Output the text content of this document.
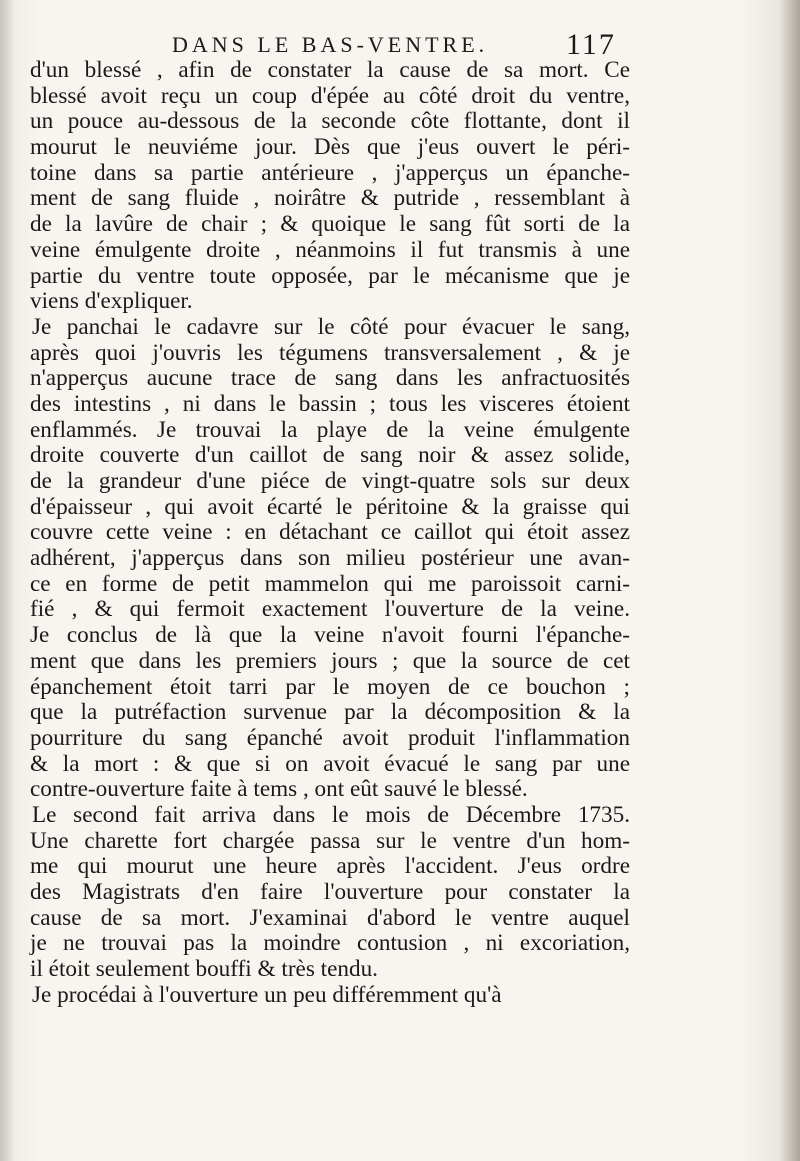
DANS LE BAS-VENTRE.	117
d'un blessé , afin de constater la cause de sa mort. Ce
blessé avoit reçu un coup d'épée au côté droit du ventre,
un pouce au-dessous de la seconde côte flottante, dont il
mourut le neuviéme jour. Dès que j'eus ouvert le péri-
toine dans sa partie antérieure , j'apperçus un épanche-
ment de sang fluide , noirâtre & putride , ressemblant à
de la lavûre de chair ; & quoique le sang fût sorti de la
veine émulgente droite , néanmoins il fut transmis à une
partie du ventre toute opposée, par le mécanisme que je
viens d'expliquer.
Je panchai le cadavre sur le côté pour évacuer le sang,
après quoi j'ouvris les tégumens transversalement , & je
n'apperçus aucune trace de sang dans les anfractuosités
des intestins , ni dans le bassin ; tous les visceres étoient
enflammés. Je trouvai la playe de la veine émulgente
droite couverte d'un caillot de sang noir & assez solide,
de la grandeur d'une piéce de vingt-quatre sols sur deux
d'épaisseur , qui avoit écarté le péritoine & la graisse qui
couvre cette veine : en détachant ce caillot qui étoit assez
adhérent, j'apperçus dans son milieu postérieur une avan-
ce en forme de petit mammelon qui me paroissoit carni-
fié , & qui fermoit exactement l'ouverture de la veine.
Je conclus de là que la veine n'avoit fourni l'épanche-
ment que dans les premiers jours ; que la source de cet
épanchement étoit tarri par le moyen de ce bouchon ;
que la putréfaction survenue par la décomposition & la
pourriture du sang épanché avoit produit l'inflammation
& la mort : & que si on avoit évacué le sang par une
contre-ouverture faite à tems , ont eût sauvé le blessé.
Le second fait arriva dans le mois de Décembre 1735.
Une charette fort chargée passa sur le ventre d'un hom-
me qui mourut une heure après l'accident. J'eus ordre
des Magistrats d'en faire l'ouverture pour constater la
cause de sa mort. J'examinai d'abord le ventre auquel
je ne trouvai pas la moindre contusion , ni excoriation,
il étoit seulement bouffi & très tendu.
Je procédai à l'ouverture un peu différemment qu'à
